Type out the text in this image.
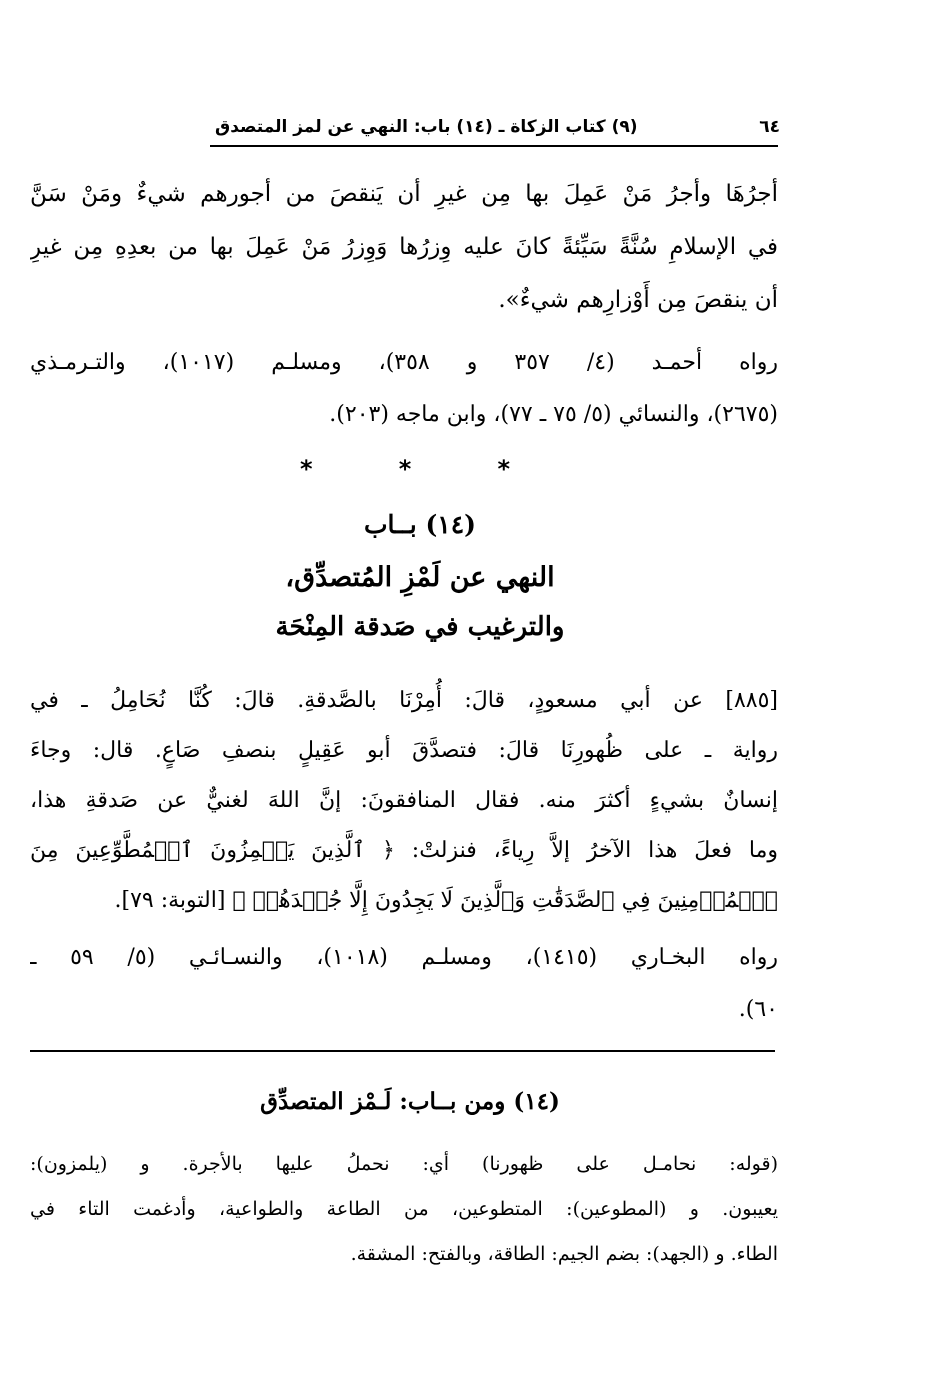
٦٤
(٩) كتاب الزكاة ـ (١٤) باب: النهي عن لمز المتصدق
أجرُهَا وأجرُ مَنْ عَمِلَ بها مِن غيرِ أن يَنقصَ من أجورهم شيءٌ ومَنْ سَنَّ
في الإسلامِ سُنَّةً سَيِّئةً كانَ عليه وِزرُها وَوِزرُ مَنْ عَمِلَ بها من بعدِهِ مِن غيرِ
أن ينقصَ مِن أَوْزارِهم شيءٌ».
رواه أحمـد (٤/ ٣٥٧ و ٣٥٨)، ومسلـم (١٠١٧)، والتـرمـذي
(٢٦٧٥)، والنسائي (٥/ ٧٥ ـ ٧٧)، وابن ماجه (٢٠٣).
*	*	*
(١٤) بــاب
النهي عن لَمْزِ المُتصدِّق،
والترغيب في صَدقة المِنْحَة
[٨٨٥] عن أبي مسعودٍ، قالَ: أُمِرْنَا بالصَّدقةِ. قالَ: كُنَّا نُحَامِلُ ـ في
رواية ـ على ظُهورِنَا قالَ: فتصدَّقَ أبو عَقِيلٍ بنصفِ صَاعٍ. قال: وجاءَ
إنسانٌ بشيءٍ أكثرَ منه. فقال المنافقونَ: إنَّ اللهَ لغنيٌّ عن صَدقةِ هذا،
وما فعلَ هذا الآخرُ إلاَّ رِياءً، فنزلتْ: ﴿ ٱلَّذِينَ يَلۡمِزُونَ ٱلۡمُطَّوِّعِينَ مِنَ
ٱلۡمُؤۡمِنِينَ فِي ٱلصَّدَقَٰتِ وَٱلَّذِينَ لَا يَجِدُونَ إِلَّا جُهۡدَهُمۡ ﴾ [التوبة: ٧٩].
رواه البخـاري (١٤١٥)، ومسلـم (١٠١٨)، والنسـائـي (٥/ ٥٩ ـ
٦٠).
(١٤) ومن بــاب: لَـمْز المتصدِّق
(قوله: نحامـل على ظهورنا) أي: نحملُ عليها بالأجرة. و (يلمزون):
يعيبون. و (المطوعين): المتطوعين، من الطاعة والطواعية، وأدغمت التاء في
الطاء. و (الجهد): بضم الجيم: الطاقة، وبالفتح: المشقة.
